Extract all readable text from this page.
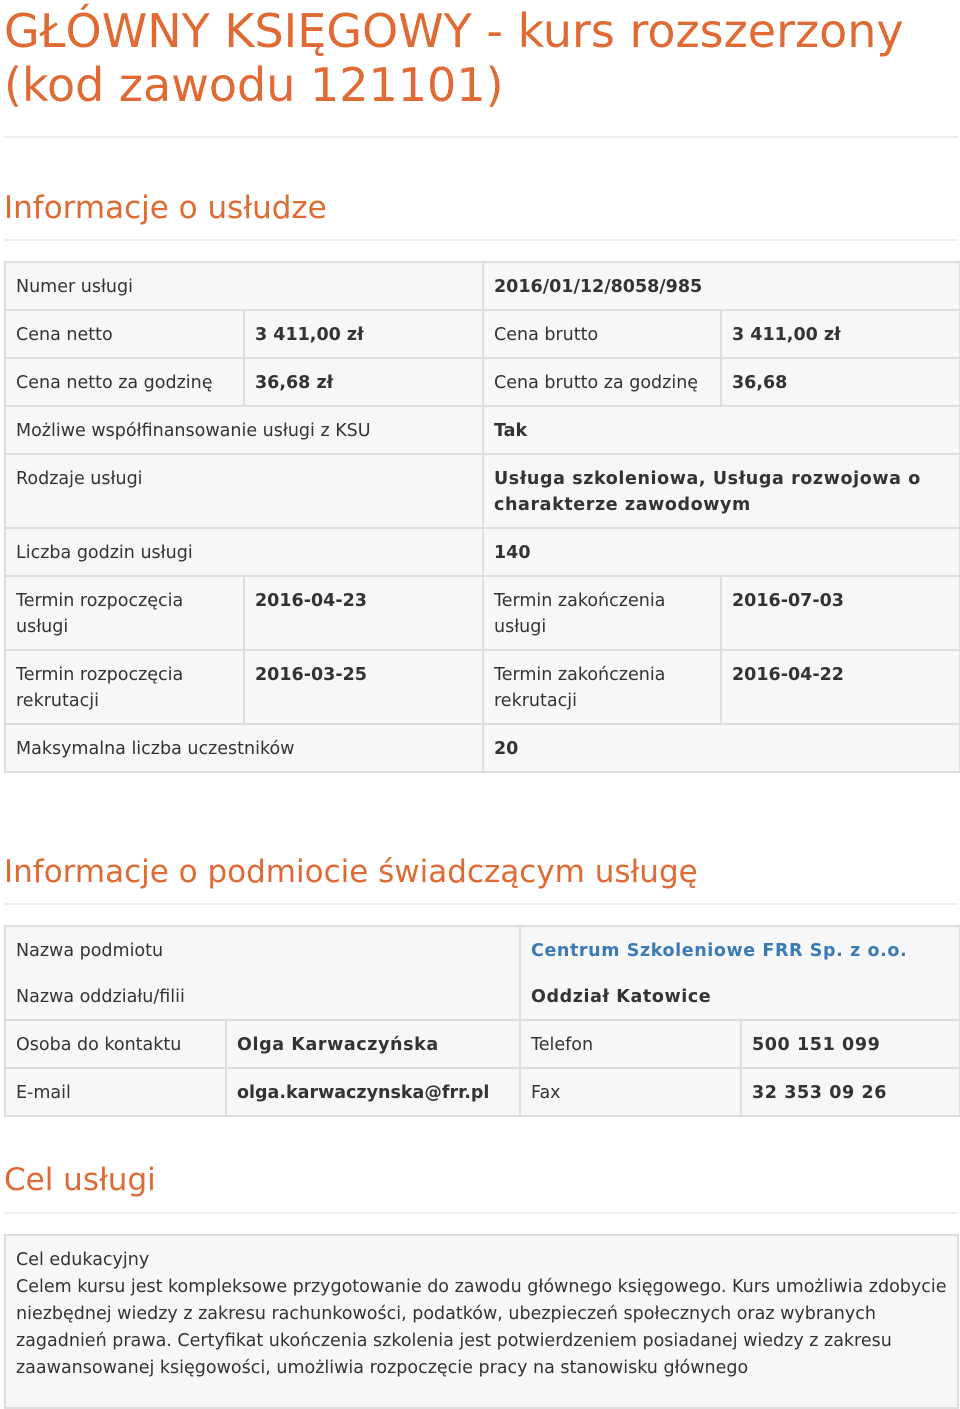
GŁÓWNY KSIĘGOWY - kurs rozszerzony (kod zawodu 121101)
Informacje o usłudze
Numer usługi		2016/01/12/8058/985	
Cena netto	3 411,00 zł	Cena brutto	3 411,00 zł
Cena netto za godzinę	36,68 zł	Cena brutto za godzinę	36,68
Możliwe współfinansowanie usługi z KSU		Tak	
Rodzaje usługi		Usługa szkoleniowa, Usługa rozwojowa o charakterze zawodowym	
Liczba godzin usługi		140	
Termin rozpoczęcia usługi	2016-04-23	Termin zakończenia usługi	2016-07-03
Termin rozpoczęcia rekrutacji	2016-03-25	Termin zakończenia rekrutacji	2016-04-22
Maksymalna liczba uczestników		20	
Informacje o podmiocie świadczącym usługę
Nazwa podmiotu		Centrum Szkoleniowe FRR Sp. z o.o.	
Nazwa oddziału/filii		Oddział Katowice	
Osoba do kontaktu	Olga Karwaczyńska	Telefon	500 151 099
E-mail	olga.karwaczynska@frr.pl	Fax	32 353 09 26
Cel usługi

Cel edukacyjny

Celem kursu jest kompleksowe przygotowanie do zawodu głównego księgowego. Kurs umożliwia zdobycie niezbędnej wiedzy z zakresu rachunkowości, podatków, ubezpieczeń społecznych oraz wybranych zagadnień prawa. Certyfikat ukończenia szkolenia jest potwierdzeniem posiadanej wiedzy z zakresu zaawansowanej księgowości, umożliwia rozpoczęcie pracy na stanowisku głównego
